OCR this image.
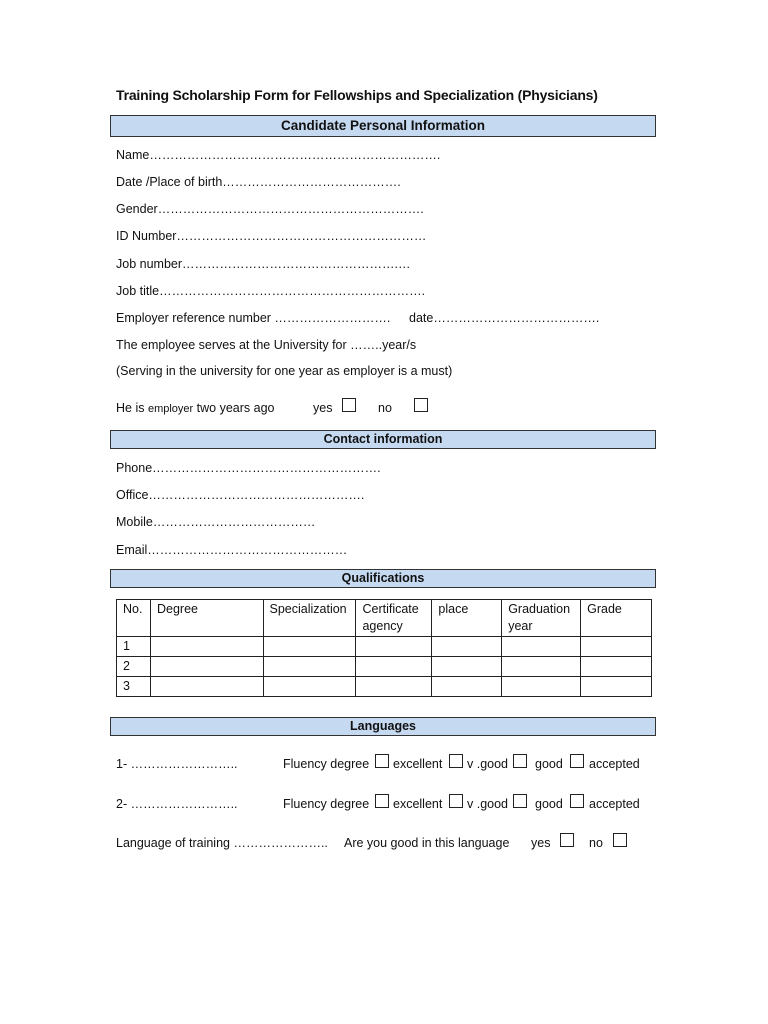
Training Scholarship Form for Fellowships and Specialization (Physicians)
Candidate Personal Information
Name…………………………………………………………….
Date /Place of birth…………………………………….
Gender……………………………………………………….
ID Number……………………………………………………
Job number…………………………………………….…
Job title……………………………………………………….
Employer reference number ………………………. date………………………………….
The employee serves at the University for ……..year/s
(Serving in the university for one year as employer is a must)
He is employer two years ago	yes	no
Contact information
Phone……………………………………………….
Office…………………………………………….
Mobile…………………………………
Email…………………………………………
Qualifications
No.	Degree	Specialization	Certificate agency	place	Graduation year	Grade
1						
2						
3						
Languages
1- ……………………..	Fluency degree excellent v .good good accepted
2- ……………………..	Fluency degree excellent v .good good accepted
Language of training ………………….. Are you good in this language yes	no
